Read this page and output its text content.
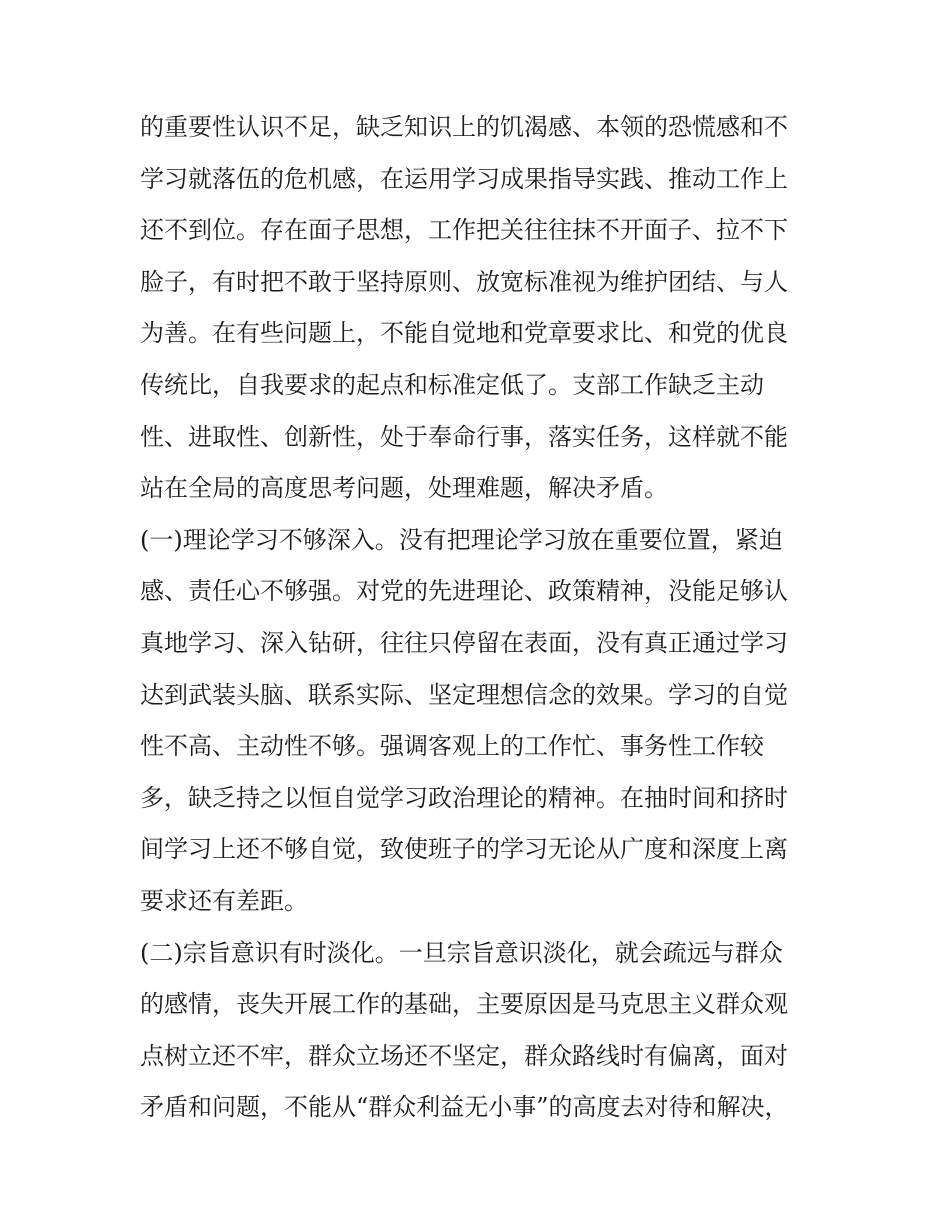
的重要性认识不足，缺乏知识上的饥渴感、本领的恐慌感和不
学习就落伍的危机感，在运用学习成果指导实践、推动工作上
还不到位。存在面子思想，工作把关往往抹不开面子、拉不下
脸子，有时把不敢于坚持原则、放宽标准视为维护团结、与人
为善。在有些问题上，不能自觉地和党章要求比、和党的优良
传统比，自我要求的起点和标准定低了。支部工作缺乏主动
性、进取性、创新性，处于奉命行事，落实任务，这样就不能
站在全局的高度思考问题，处理难题，解决矛盾。
(一)理论学习不够深入。没有把理论学习放在重要位置，紧迫
感、责任心不够强。对党的先进理论、政策精神，没能足够认
真地学习、深入钻研，往往只停留在表面，没有真正通过学习
达到武装头脑、联系实际、坚定理想信念的效果。学习的自觉
性不高、主动性不够。强调客观上的工作忙、事务性工作较
多，缺乏持之以恒自觉学习政治理论的精神。在抽时间和挤时
间学习上还不够自觉，致使班子的学习无论从广度和深度上离
要求还有差距。
(二)宗旨意识有时淡化。一旦宗旨意识淡化，就会疏远与群众
的感情，丧失开展工作的基础，主要原因是马克思主义群众观
点树立还不牢，群众立场还不坚定，群众路线时有偏离，面对
矛盾和问题，不能从“群众利益无小事”的高度去对待和解决，
